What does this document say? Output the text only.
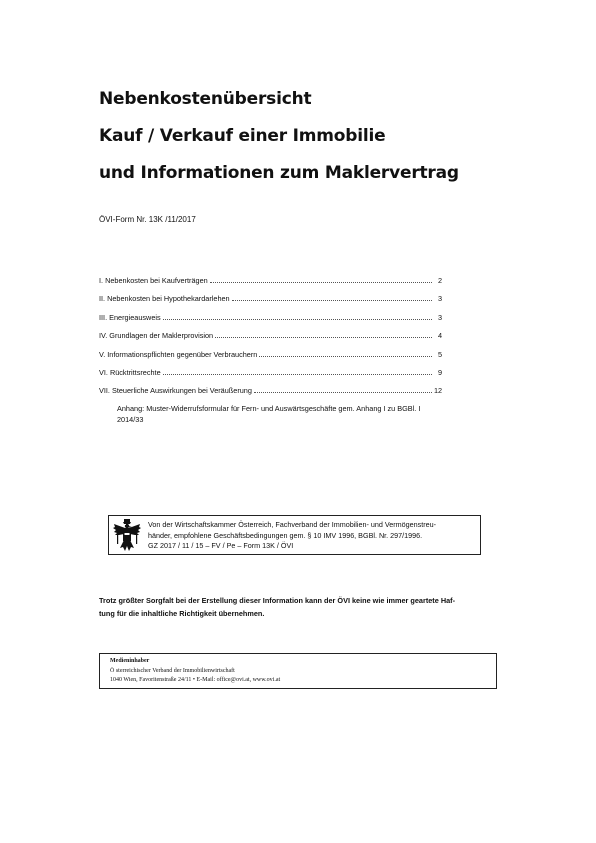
Nebenkostenübersicht
Kauf / Verkauf einer Immobilie
und Informationen zum Maklervertrag
ÖVI-Form Nr. 13K /11/2017
I. Nebenkosten bei Kaufverträgen	2
II. Nebenkosten bei Hypothekardarlehen	3
III. Energieausweis	3
IV. Grundlagen der Maklerprovision	4
V. Informationspflichten gegenüber Verbrauchern	5
VI. Rücktrittsrechte	9
VII. Steuerliche Auswirkungen bei Veräußerung	12
Anhang: Muster-Widerrufsformular für Fern- und Auswärtsgeschäfte gem. Anhang I zu BGBl. I 2014/33
Von der Wirtschaftskammer Österreich, Fachverband der Immobilien- und Vermögenstreu-
händer, empfohlene Geschäftsbedingungen gem. § 10 IMV 1996, BGBl. Nr. 297/1996.
GZ 2017 / 11 / 15 – FV / Pe – Form 13K / ÖVI
Trotz größter Sorgfalt bei der Erstellung dieser Information kann der ÖVI keine wie immer geartete Haf-
tung für die inhaltliche Richtigkeit übernehmen.
Medieninhaber
Ö sterreichischer Verband der Immobilienwirtschaft
1040 Wien, Favoritenstraße 24/11 • E-Mail: office@ovi.at, www.ovi.at
